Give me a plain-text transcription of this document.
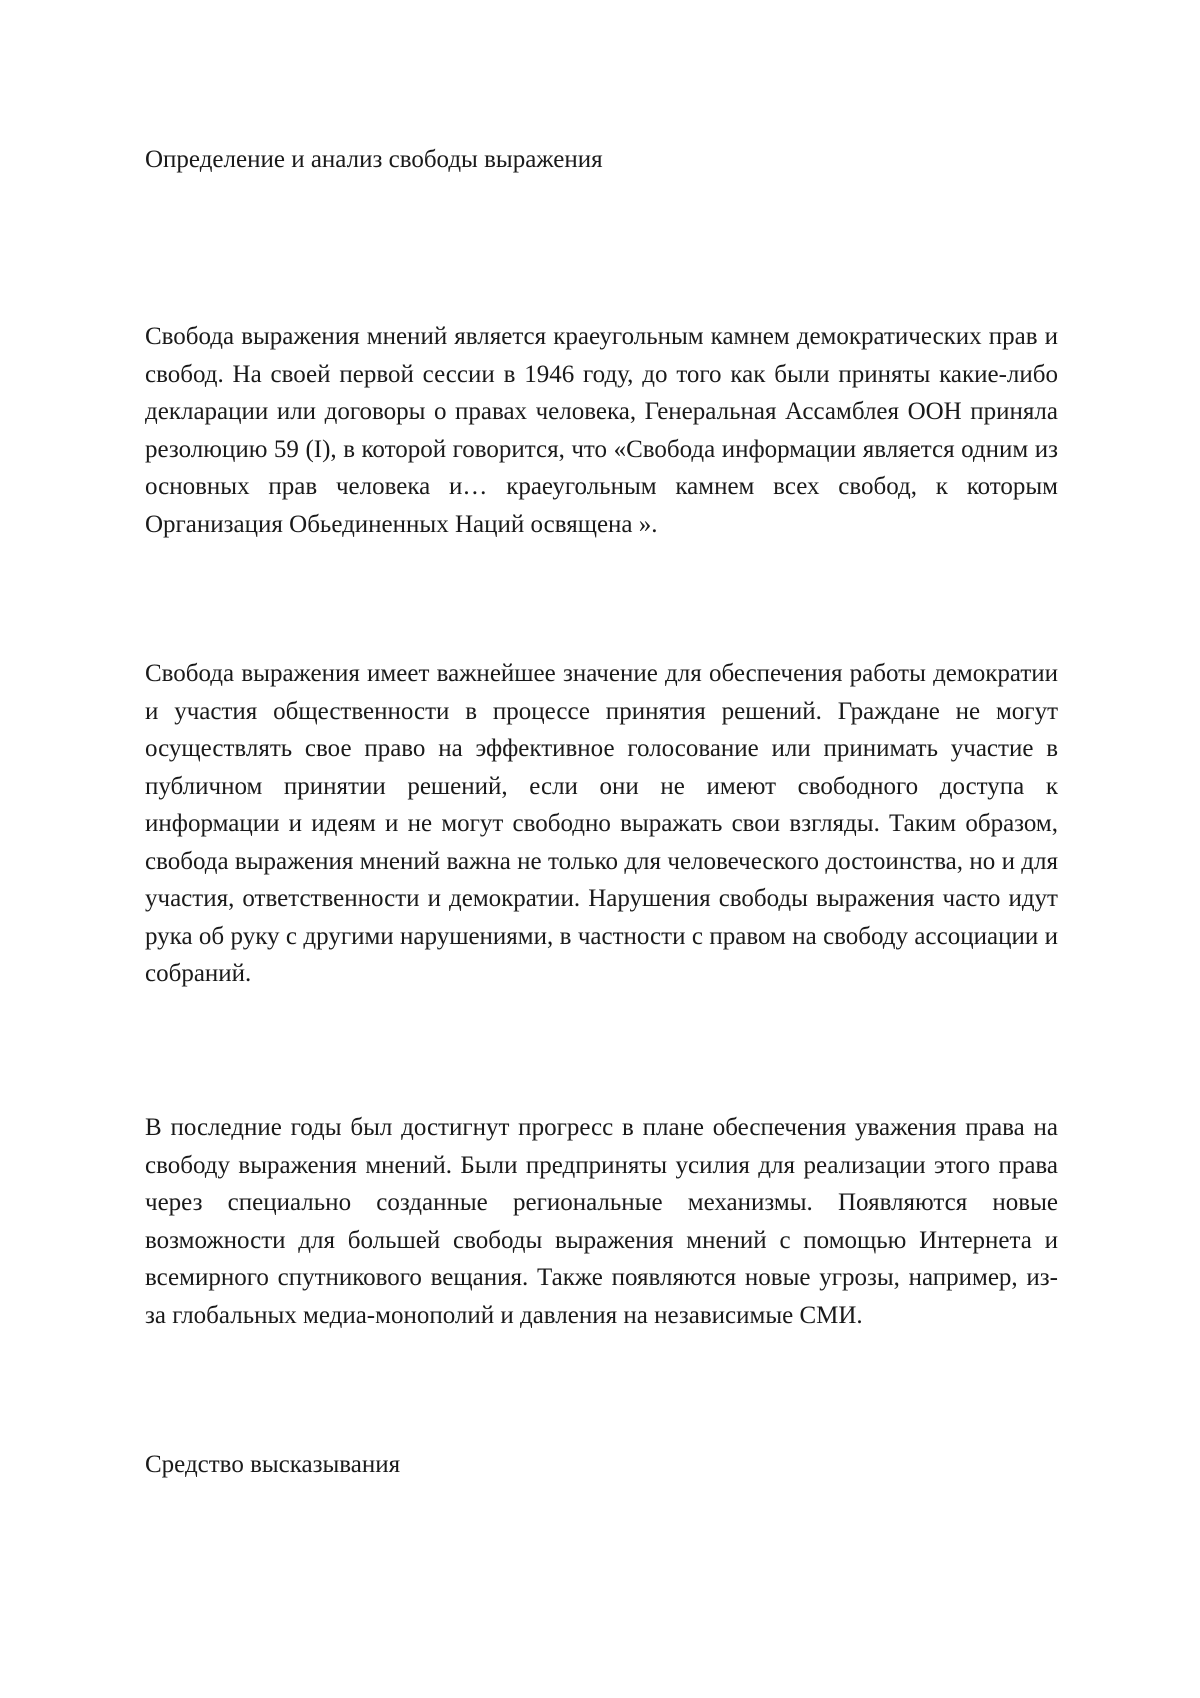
Определение и анализ свободы выражения

Свобода выражения мнений является краеугольным камнем демократических прав и свобод. На своей первой сессии в 1946 году, до того как были приняты какие-либо декларации или договоры о правах человека, Генеральная Ассамблея ООН приняла резолюцию 59 (I), в которой говорится, что «Свобода информации является одним из основных прав человека и… краеугольным камнем всех свобод, к которым Организация Обьединенных Наций освящена ».

Свобода выражения имеет важнейшее значение для обеспечения работы демократии и участия общественности в процессе принятия решений. Граждане не могут осуществлять свое право на эффективное голосование или принимать участие в публичном принятии решений, если они не имеют свободного доступа к информации и идеям и не могут свободно выражать свои взгляды. Таким образом, свобода выражения мнений важна не только для человеческого достоинства, но и для участия, ответственности и демократии. Нарушения свободы выражения часто идут рука об руку с другими нарушениями, в частности с правом на свободу ассоциации и собраний.

В последние годы был достигнут прогресс в плане обеспечения уважения права на свободу выражения мнений. Были предприняты усилия для реализации этого права через специально созданные региональные механизмы. Появляются новые возможности для большей свободы выражения мнений с помощью Интернета и всемирного спутникового вещания. Также появляются новые угрозы, например, из-за глобальных медиа-монополий и давления на независимые СМИ.

Средство высказывания
